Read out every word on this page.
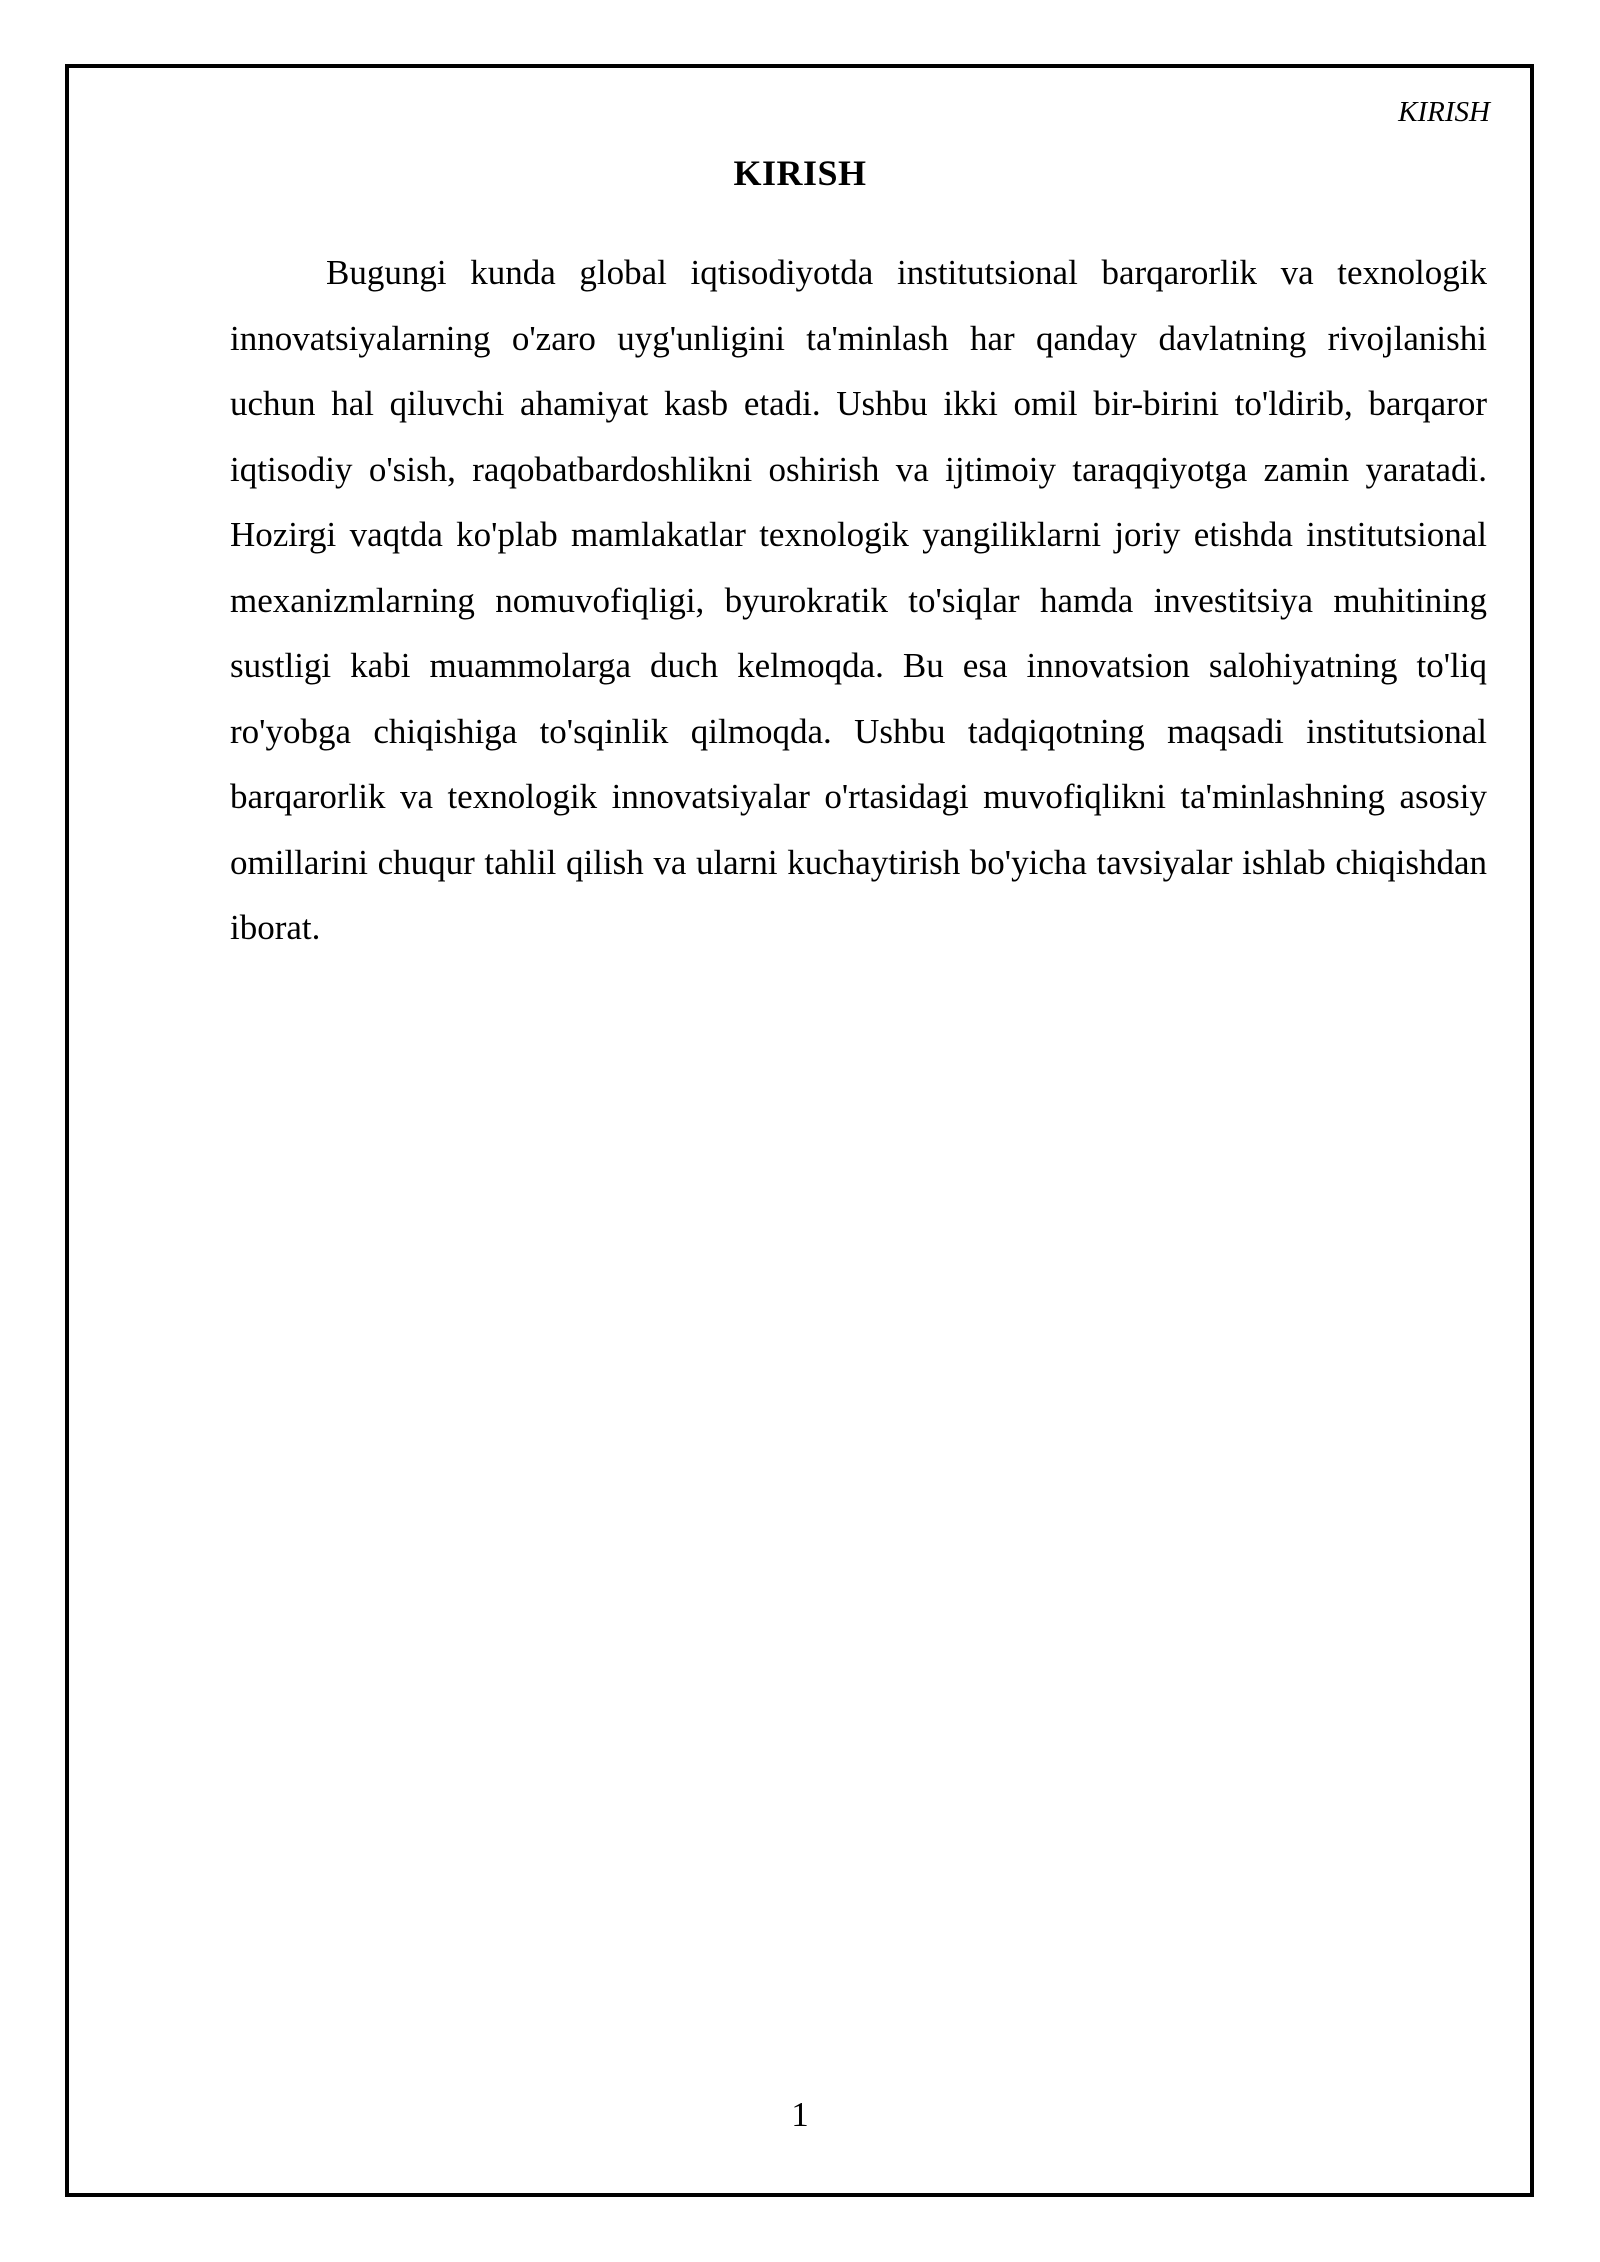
KIRISH
KIRISH

Bugungi kunda global iqtisodiyotda institutsional barqarorlik va texnologik innovatsiyalarning o'zaro uyg'unligini ta'minlash har qanday davlatning rivojlanishi uchun hal qiluvchi ahamiyat kasb etadi. Ushbu ikki omil bir-birini to'ldirib, barqaror iqtisodiy o'sish, raqobatbardoshlikni oshirish va ijtimoiy taraqqiyotga zamin yaratadi. Hozirgi vaqtda ko'plab mamlakatlar texnologik yangiliklarni joriy etishda institutsional mexanizmlarning nomuvofiqligi, byurokratik to'siqlar hamda investitsiya muhitining sustligi kabi muammolarga duch kelmoqda. Bu esa innovatsion salohiyatning to'liq ro'yobga chiqishiga to'sqinlik qilmoqda. Ushbu tadqiqotning maqsadi institutsional barqarorlik va texnologik innovatsiyalar o'rtasidagi muvofiqlikni ta'minlashning asosiy omillarini chuqur tahlil qilish va ularni kuchaytirish bo'yicha tavsiyalar ishlab chiqishdan iborat.

1
